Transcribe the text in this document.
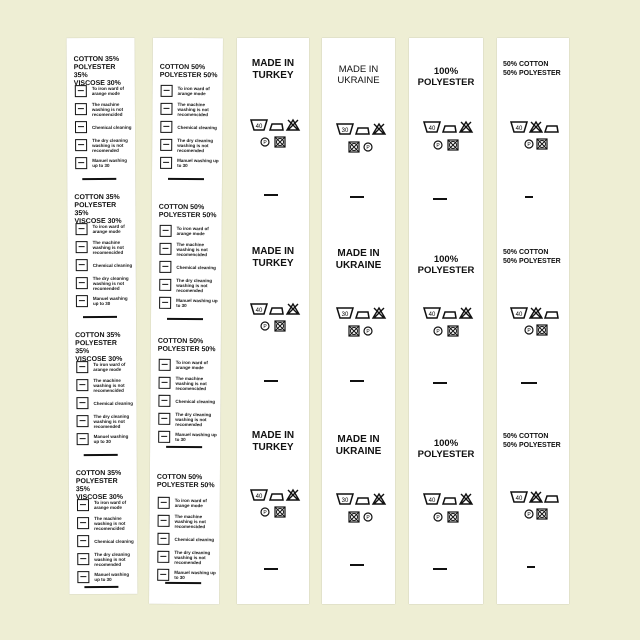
COTTON 35%
POLYESTER 35%
VISCOSE 30%
To iron ward of arange mode
The machine washing is not recomencided
Chemical cleaning
The dry cleaning washing is not recomended
Manuel washing up to 30
COTTON 35%
POLYESTER 35%
VISCOSE 30%
To iron ward of arange mode
The machine washing is not recomencided
Chemical cleaning
The dry cleaning washing is not recomended
Manuel washing up to 30
COTTON 35%
POLYESTER 35%
VISCOSE 30%
To iron ward of arange mode
The machine washing is not recomencided
Chemical cleaning
The dry cleaning washing is not recomended
Manuel washing up to 30
COTTON 35%
POLYESTER 35%
VISCOSE 30%
To iron ward of arange mode
The machine washing is not recomencided
Chemical cleaning
The dry cleaning washing is not recomended
Manuel washing up to 30
COTTON 50%
POLYESTER 50%
To iron ward of arange mode
The machine washing is not recomencided
Chemical cleaning
The dry cleaning washing is not recomended
Manuel washing up to 30
COTTON 50%
POLYESTER 50%
To iron ward of arange mode
The machine washing is not recomencided
Chemical cleaning
The dry cleaning washing is not recomended
Manuel washing up to 30
COTTON 50%
POLYESTER 50%
To iron ward of arange mode
The machine washing is not recomencided
Chemical cleaning
The dry cleaning washing is not recomended
Manuel washing up to 30
COTTON 50%
POLYESTER 50%
To iron ward of arange mode
The machine washing is not recomencided
Chemical cleaning
The dry cleaning washing is not recomended
Manuel washing up to 30
MADE IN
TURKEY
40
P
MADE IN
TURKEY
40
P
MADE IN
TURKEY
40
P
MADE IN
UKRAINE
30
P
MADE IN
UKRAINE
30
P
MADE IN
UKRAINE
30
P
100%
POLYESTER
40
P
100%
POLYESTER
40
P
100%
POLYESTER
40
P
50% COTTON
50% POLYESTER
40
P
50% COTTON
50% POLYESTER
40
P
50% COTTON
50% POLYESTER
40
P
